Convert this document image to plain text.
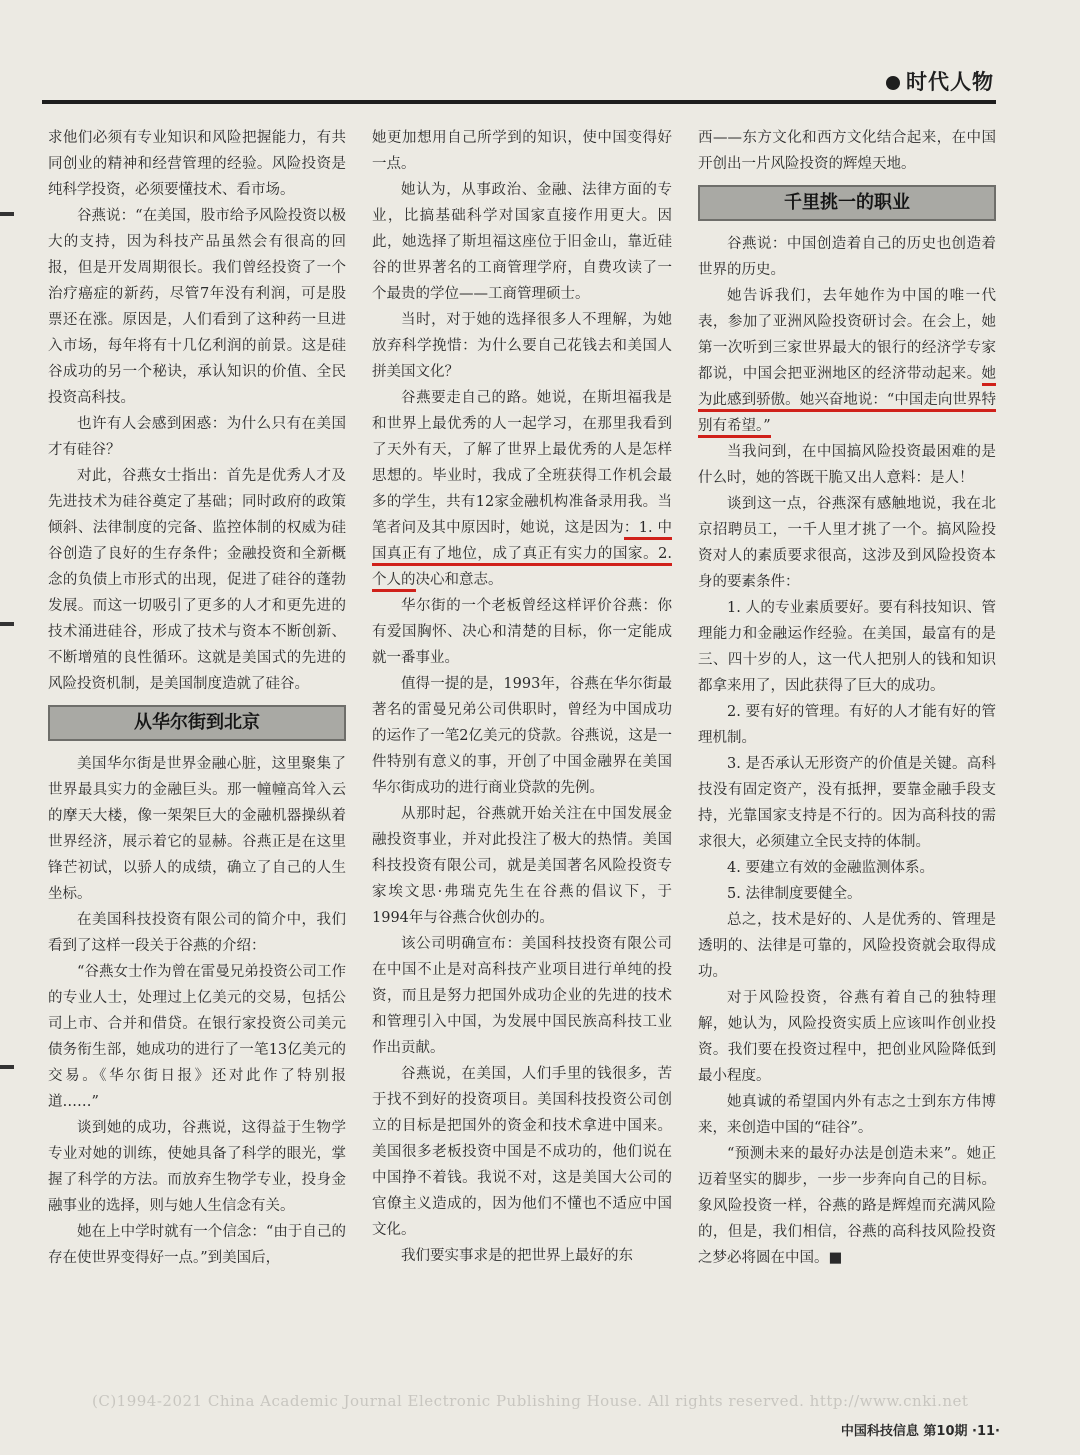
时代人物

求他们必须有专业知识和风险把握能力，有共同创业的精神和经营管理的经验。风险投资是纯科学投资，必须要懂技术、看市场。

谷燕说：“在美国，股市给予风险投资以极大的支持，因为科技产品虽然会有很高的回报，但是开发周期很长。我们曾经投资了一个治疗癌症的新药，尽管7年没有利润，可是股票还在涨。原因是，人们看到了这种药一旦进入市场，每年将有十几亿利润的前景。这是硅谷成功的另一个秘诀，承认知识的价值、全民投资高科技。

也许有人会感到困惑：为什么只有在美国才有硅谷？

对此，谷燕女士指出：首先是优秀人才及先进技术为硅谷奠定了基础；同时政府的政策倾斜、法律制度的完备、监控体制的权威为硅谷创造了良好的生存条件；金融投资和全新概念的负债上市形式的出现，促进了硅谷的蓬勃发展。而这一切吸引了更多的人才和更先进的技术涌进硅谷，形成了技术与资本不断创新、不断增殖的良性循环。这就是美国式的先进的风险投资机制，是美国制度造就了硅谷。

从华尔街到北京

美国华尔街是世界金融心脏，这里聚集了世界最具实力的金融巨头。那一幢幢高耸入云的摩天大楼，像一架架巨大的金融机器操纵着世界经济，展示着它的显赫。谷燕正是在这里锋芒初试，以骄人的成绩，确立了自己的人生坐标。

在美国科技投资有限公司的简介中，我们看到了这样一段关于谷燕的介绍：

“谷燕女士作为曾在雷曼兄弟投资公司工作的专业人士，处理过上亿美元的交易，包括公司上市、合并和借贷。在银行家投资公司美元债务衔生部，她成功的进行了一笔13亿美元的交易。《华尔街日报》还对此作了特别报道……”

谈到她的成功，谷燕说，这得益于生物学专业对她的训练，使她具备了科学的眼光，掌握了科学的方法。而放弃生物学专业，投身金融事业的选择，则与她人生信念有关。

她在上中学时就有一个信念：“由于自己的存在使世界变得好一点。”到美国后，

她更加想用自己所学到的知识，使中国变得好一点。

她认为，从事政治、金融、法律方面的专业，比搞基础科学对国家直接作用更大。因此，她选择了斯坦福这座位于旧金山，靠近硅谷的世界著名的工商管理学府，自费攻读了一个最贵的学位——工商管理硕士。

当时，对于她的选择很多人不理解，为她放弃科学挽惜：为什么要自己花钱去和美国人拼美国文化？

谷燕要走自己的路。她说，在斯坦福我是和世界上最优秀的人一起学习，在那里我看到了天外有天，了解了世界上最优秀的人是怎样思想的。毕业时，我成了全班获得工作机会最多的学生，共有12家金融机构准备录用我。当笔者问及其中原因时，她说，这是因为：1. 中国真正有了地位，成了真正有实力的国家。2. 个人的决心和意志。

华尔街的一个老板曾经这样评价谷燕：你有爱国胸怀、决心和清楚的目标，你一定能成就一番事业。

值得一提的是，1993年，谷燕在华尔街最著名的雷曼兄弟公司供职时，曾经为中国成功的运作了一笔2亿美元的贷款。谷燕说，这是一件特别有意义的事，开创了中国金融界在美国华尔街成功的进行商业贷款的先例。

从那时起，谷燕就开始关注在中国发展金融投资事业，并对此投注了极大的热情。美国科技投资有限公司，就是美国著名风险投资专家埃文思·弗瑞克先生在谷燕的倡议下，于1994年与谷燕合伙创办的。

该公司明确宣布：美国科技投资有限公司在中国不止是对高科技产业项目进行单纯的投资，而且是努力把国外成功企业的先进的技术和管理引入中国，为发展中国民族高科技工业作出贡献。

谷燕说，在美国，人们手里的钱很多，苦于找不到好的投资项目。美国科技投资公司创立的目标是把国外的资金和技术拿进中国来。美国很多老板投资中国是不成功的，他们说在中国挣不着钱。我说不对，这是美国大公司的官僚主义造成的，因为他们不懂也不适应中国文化。

我们要实事求是的把世界上最好的东

西——东方文化和西方文化结合起来，在中国开创出一片风险投资的辉煌天地。

千里挑一的职业

谷燕说：中国创造着自己的历史也创造着世界的历史。

她告诉我们，去年她作为中国的唯一代表，参加了亚洲风险投资研讨会。在会上，她第一次听到三家世界最大的银行的经济学专家都说，中国会把亚洲地区的经济带动起来。她为此感到骄傲。她兴奋地说：“中国走向世界特别有希望。”

当我问到，在中国搞风险投资最困难的是什么时，她的答既干脆又出人意料：是人！

谈到这一点，谷燕深有感触地说，我在北京招聘员工，一千人里才挑了一个。搞风险投资对人的素质要求很高，这涉及到风险投资本身的要素条件：

1. 人的专业素质要好。要有科技知识、管理能力和金融运作经验。在美国，最富有的是三、四十岁的人，这一代人把别人的钱和知识都拿来用了，因此获得了巨大的成功。

2. 要有好的管理。有好的人才能有好的管理机制。

3. 是否承认无形资产的价值是关键。高科技没有固定资产，没有抵押，要靠金融手段支持，光靠国家支持是不行的。因为高科技的需求很大，必须建立全民支持的体制。

4. 要建立有效的金融监测体系。

5. 法律制度要健全。

总之，技术是好的、人是优秀的、管理是透明的、法律是可靠的，风险投资就会取得成功。

对于风险投资，谷燕有着自己的独特理解，她认为，风险投资实质上应该叫作创业投资。我们要在投资过程中，把创业风险降低到最小程度。

她真诚的希望国内外有志之士到东方伟博来，来创造中国的“硅谷”。

“预测未来的最好办法是创造未来”。她正迈着坚实的脚步，一步一步奔向自己的目标。象风险投资一样，谷燕的路是辉煌而充满风险的，但是，我们相信，谷燕的高科技风险投资之梦必将圆在中国。■

(C)1994-2021 China Academic Journal Electronic Publishing House. All rights reserved. http://www.cnki.net
中国科技信息 第10期 ·11·
